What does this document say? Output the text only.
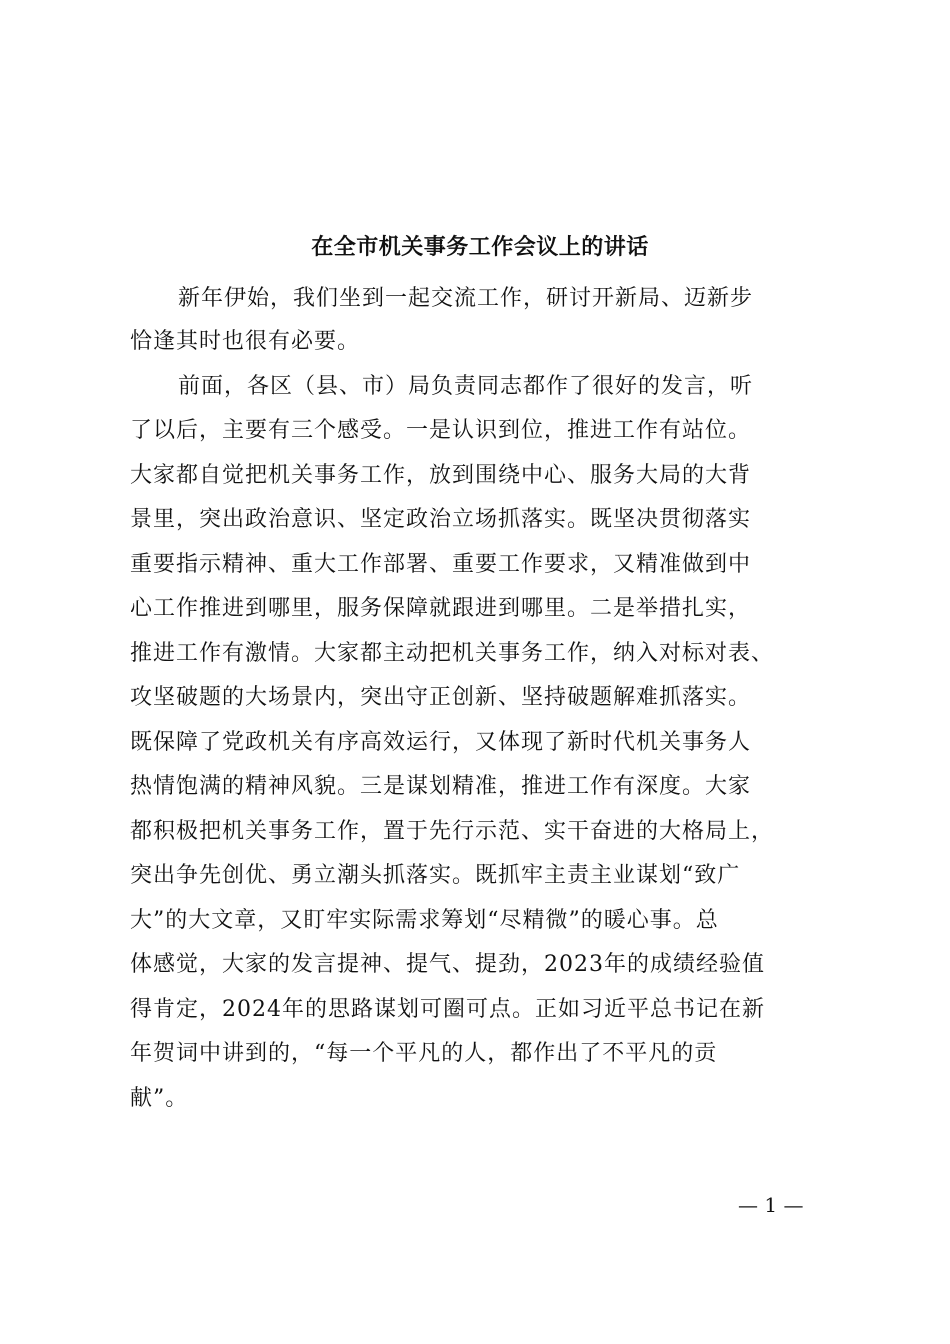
在全市机关事务工作会议上的讲话
新年伊始，我们坐到一起交流工作，研讨开新局、迈新步
恰逢其时也很有必要。
前面，各区（县、市）局负责同志都作了很好的发言，听
了以后，主要有三个感受。一是认识到位，推进工作有站位。
大家都自觉把机关事务工作，放到围绕中心、服务大局的大背
景里，突出政治意识、坚定政治立场抓落实。既坚决贯彻落实
重要指示精神、重大工作部署、重要工作要求，又精准做到中
心工作推进到哪里，服务保障就跟进到哪里。二是举措扎实，
推进工作有激情。大家都主动把机关事务工作，纳入对标对表、
攻坚破题的大场景内，突出守正创新、坚持破题解难抓落实。
既保障了党政机关有序高效运行，又体现了新时代机关事务人
热情饱满的精神风貌。三是谋划精准，推进工作有深度。大家
都积极把机关事务工作，置于先行示范、实干奋进的大格局上，
突出争先创优、勇立潮头抓落实。既抓牢主责主业谋划“致广
大”的大文章，又盯牢实际需求筹划“尽精微”的暖心事。总
体感觉，大家的发言提神、提气、提劲，2023年的成绩经验值
得肯定，2024年的思路谋划可圈可点。正如习近平总书记在新
年贺词中讲到的，“每一个平凡的人，都作出了不平凡的贡
献”。
— 1 —
